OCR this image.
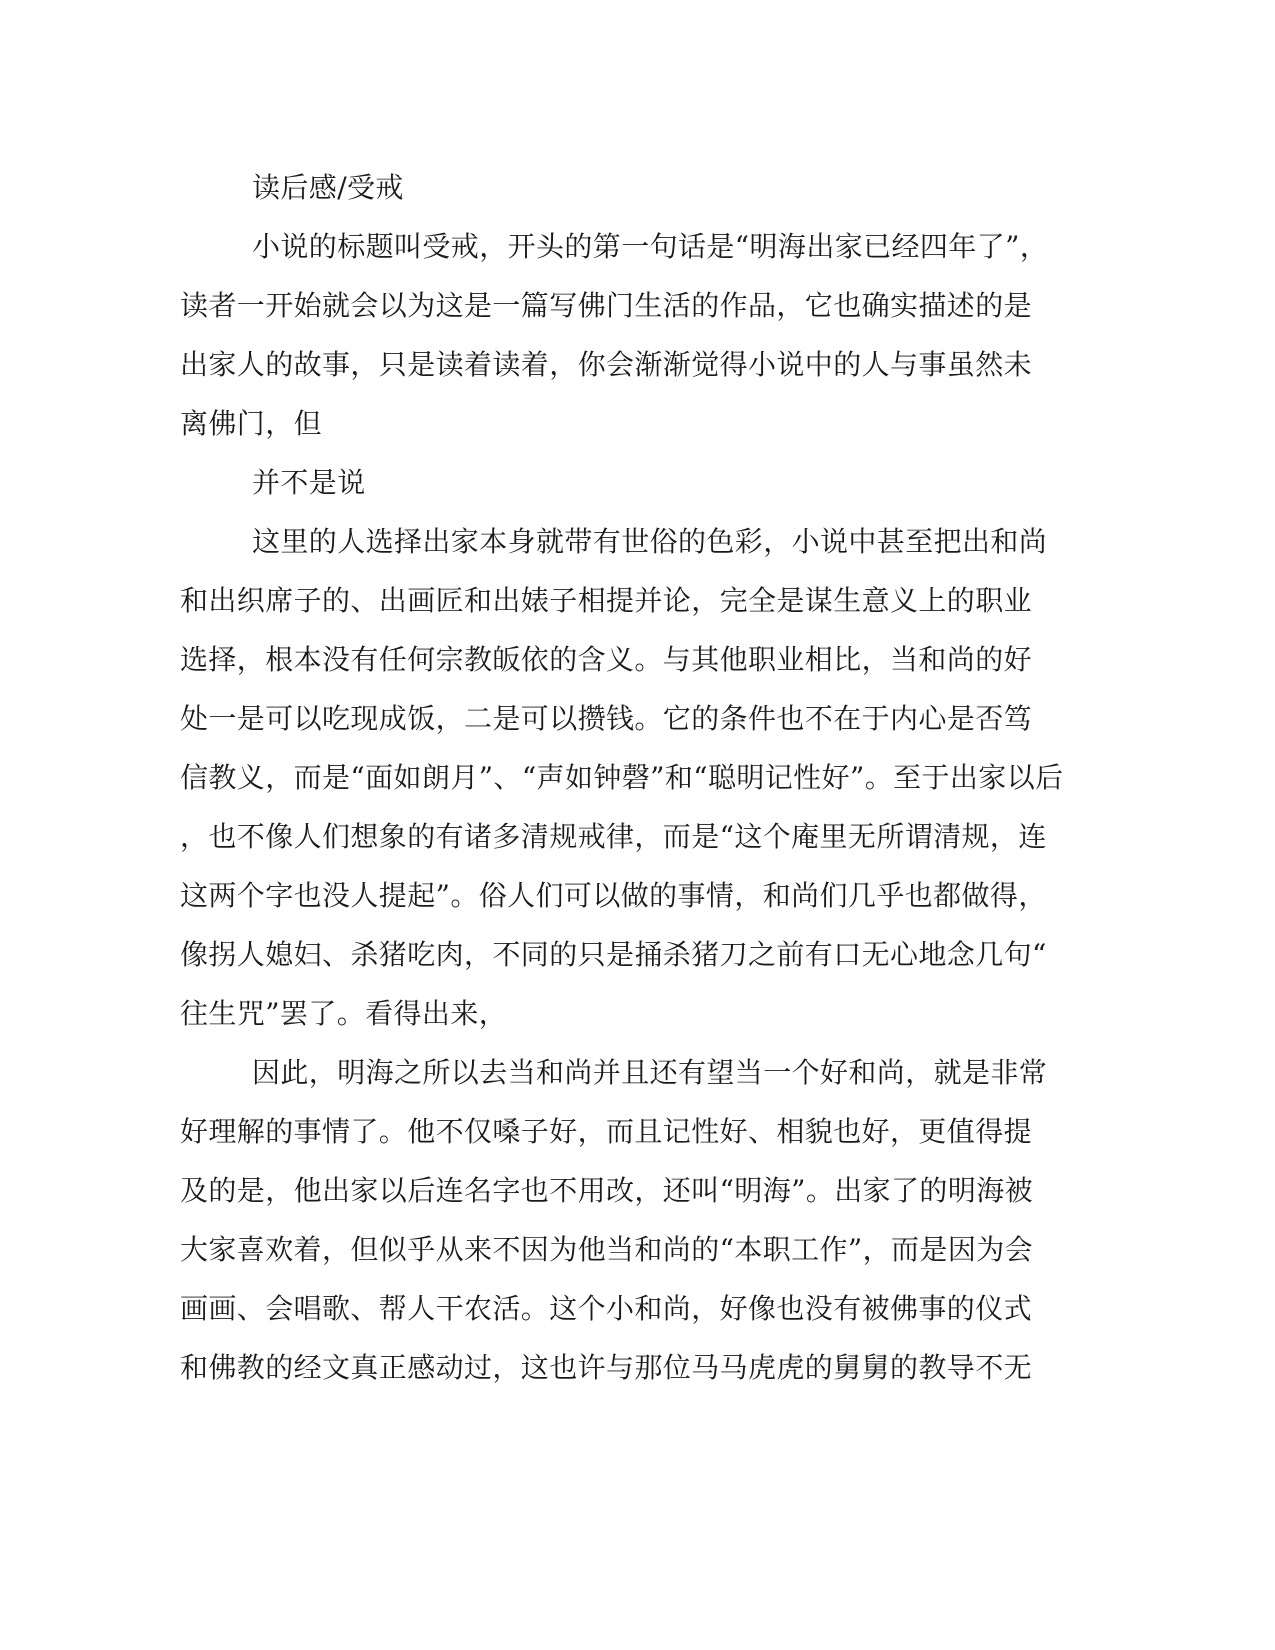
读后感/受戒
小说的标题叫受戒，开头的第一句话是“明海出家已经四年了”，
读者一开始就会以为这是一篇写佛门生活的作品，它也确实描述的是
出家人的故事，只是读着读着，你会渐渐觉得小说中的人与事虽然未
离佛门，但
并不是说
这里的人选择出家本身就带有世俗的色彩，小说中甚至把出和尚
和出织席子的、出画匠和出婊子相提并论，完全是谋生意义上的职业
选择，根本没有任何宗教皈依的含义。与其他职业相比，当和尚的好
处一是可以吃现成饭，二是可以攒钱。它的条件也不在于内心是否笃
信教义，而是“面如朗月”、“声如钟磬”和“聪明记性好”。至于出家以后
，也不像人们想象的有诸多清规戒律，而是“这个庵里无所谓清规，连
这两个字也没人提起”。俗人们可以做的事情，和尚们几乎也都做得，
像拐人媳妇、杀猪吃肉，不同的只是捅杀猪刀之前有口无心地念几句“
往生咒”罢了。看得出来，
因此，明海之所以去当和尚并且还有望当一个好和尚，就是非常
好理解的事情了。他不仅嗓子好，而且记性好、相貌也好，更值得提
及的是，他出家以后连名字也不用改，还叫“明海”。出家了的明海被
大家喜欢着，但似乎从来不因为他当和尚的“本职工作”，而是因为会
画画、会唱歌、帮人干农活。这个小和尚，好像也没有被佛事的仪式
和佛教的经文真正感动过，这也许与那位马马虎虎的舅舅的教导不无
